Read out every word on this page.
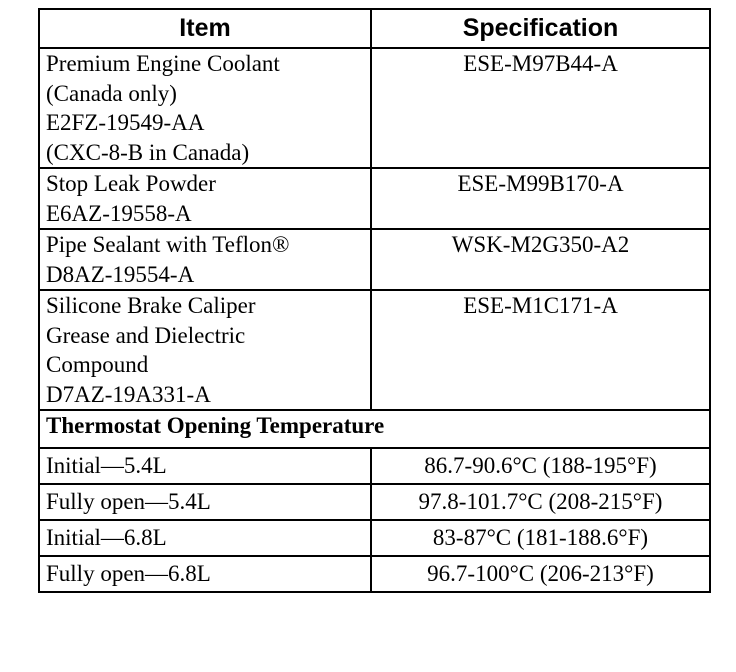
Item	Specification

Premium Engine Coolant
(Canada only)
E2FZ-19549-AA
(CXC-8-B in Canada)	ESE-M97B44-A

Stop Leak Powder
E6AZ-19558-A	ESE-M99B170-A

Pipe Sealant with Teflon®
D8AZ-19554-A	WSK-M2G350-A2

Silicone Brake Caliper
Grease and Dielectric
Compound
D7AZ-19A331-A	ESE-M1C171-A
Thermostat Opening Temperature	
Initial—5.4L	86.7-90.6°C (188-195°F)
Fully open—5.4L	97.8-101.7°C (208-215°F)
Initial—6.8L	83-87°C (181-188.6°F)
Fully open—6.8L	96.7-100°C (206-213°F)
